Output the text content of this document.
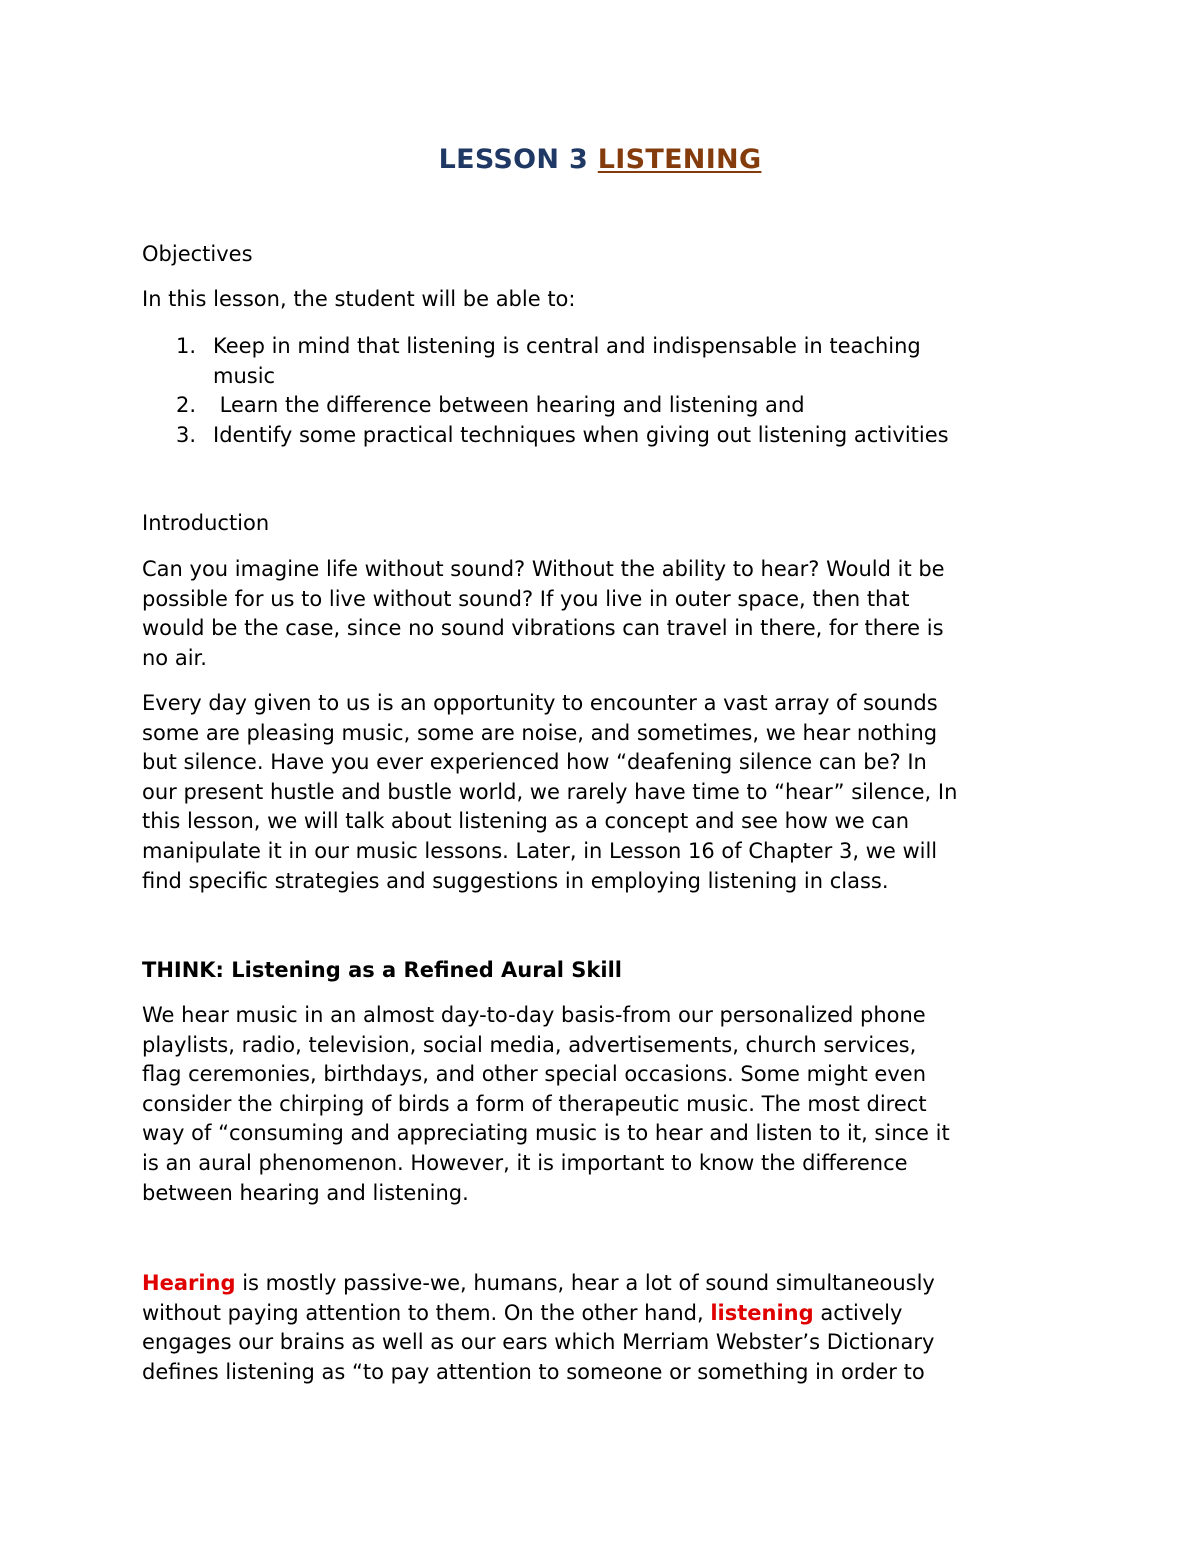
LESSON 3 LISTENING
Objectives
In this lesson, the student will be able to:
1. Keep in mind that listening is central and indispensable in teaching
music
2. Learn the difference between hearing and listening and
3. Identify some practical techniques when giving out listening activities
Introduction
Can you imagine life without sound? Without the ability to hear? Would it be
possible for us to live without sound? If you live in outer space, then that
would be the case, since no sound vibrations can travel in there, for there is
no air.
Every day given to us is an opportunity to encounter a vast array of sounds
some are pleasing music, some are noise, and sometimes, we hear nothing
but silence. Have you ever experienced how “deafening silence can be? In
our present hustle and bustle world, we rarely have time to “hear” silence, In
this lesson, we will talk about listening as a concept and see how we can
manipulate it in our music lessons. Later, in Lesson 16 of Chapter 3, we will
find specific strategies and suggestions in employing listening in class.
THINK: Listening as a Refined Aural Skill
We hear music in an almost day-to-day basis-from our personalized phone
playlists, radio, television, social media, advertisements, church services,
flag ceremonies, birthdays, and other special occasions. Some might even
consider the chirping of birds a form of therapeutic music. The most direct
way of “consuming and appreciating music is to hear and listen to it, since it
is an aural phenomenon. However, it is important to know the difference
between hearing and listening.
Hearing is mostly passive-we, humans, hear a lot of sound simultaneously
without paying attention to them. On the other hand, listening actively
engages our brains as well as our ears which Merriam Webster’s Dictionary
defines listening as “to pay attention to someone or something in order to
